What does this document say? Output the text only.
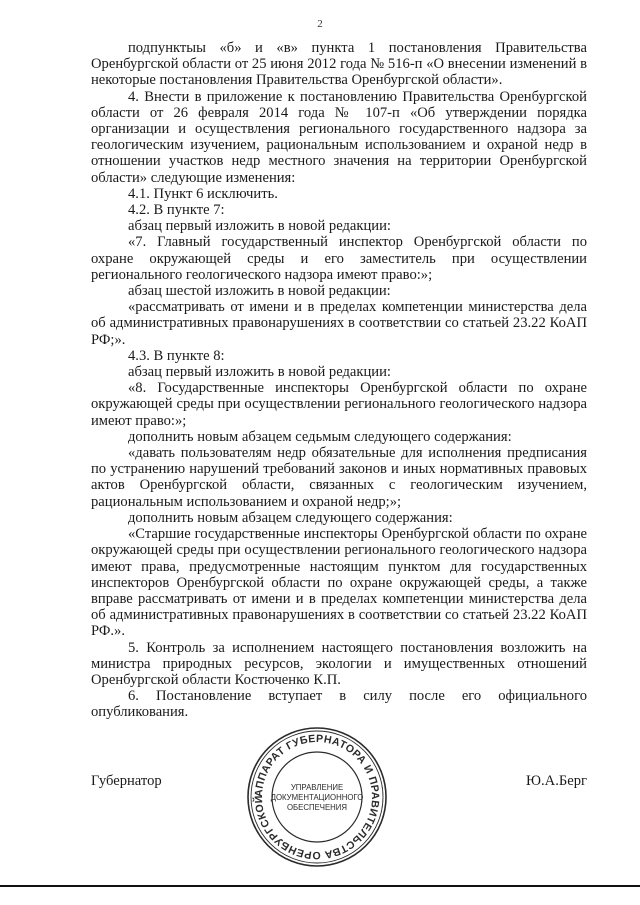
2

подпунктыы «б» и «в» пункта 1 постановления Правительства Оренбургской области от 25 июня 2012 года № 516-п «О внесении изменений в некоторые постановления Правительства Оренбургской области».

4. Внести в приложение к постановлению Правительства Оренбургской области от 26 февраля 2014 года № 107-п «Об утверждении порядка организации и осуществления регионального государственного надзора за геологическим изучением, рациональным использованием и охраной недр в отношении участков недр местного значения на территории Оренбургской области» следующие изменения:

4.1. Пункт 6 исключить.

4.2. В пункте 7:

абзац первый изложить в новой редакции:

«7. Главный государственный инспектор Оренбургской области по охране окружающей среды и его заместитель при осуществлении регионального геологического надзора имеют право:»;

абзац шестой изложить в новой редакции:

«рассматривать от имени и в пределах компетенции министерства дела об административных правонарушениях в соответствии со статьей 23.22 КоАП РФ;».

4.3. В пункте 8:

абзац первый изложить в новой редакции:

«8. Государственные инспекторы Оренбургской области по охране окружающей среды при осуществлении регионального геологического надзора имеют право:»;

дополнить новым абзацем седьмым следующего содержания:

«давать пользователям недр обязательные для исполнения предписания по устранению нарушений требований законов и иных нормативных правовых актов Оренбургской области, связанных с геологическим изучением, рациональным использованием и охраной недр;»;

дополнить новым абзацем следующего содержания:

«Старшие государственные инспекторы Оренбургской области по охране окружающей среды при осуществлении регионального геологического надзора имеют права, предусмотренные настоящим пунктом для государственных инспекторов Оренбургской области по охране окружающей среды, а также вправе рассматривать от имени и в пределах компетенции министерства дела об административных правонарушениях в соответствии со статьей 23.22 КоАП РФ.».

5. Контроль за исполнением настоящего постановления возложить на министра природных ресурсов, экологии и имущественных отношений Оренбургской области Костюченко К.П.

6. Постановление вступает в силу после его официального опубликования.

Губернатор	Ю.А.Берг
АППАРАТ ГУБЕРНАТОРА И ПРАВИТЕЛЬСТВА ОРЕНБУРГСКОЙ ОБЛАСТИ
УПРАВЛЕНИЕ
ДОКУМЕНТАЦИОННОГО
ОБЕСПЕЧЕНИЯ
